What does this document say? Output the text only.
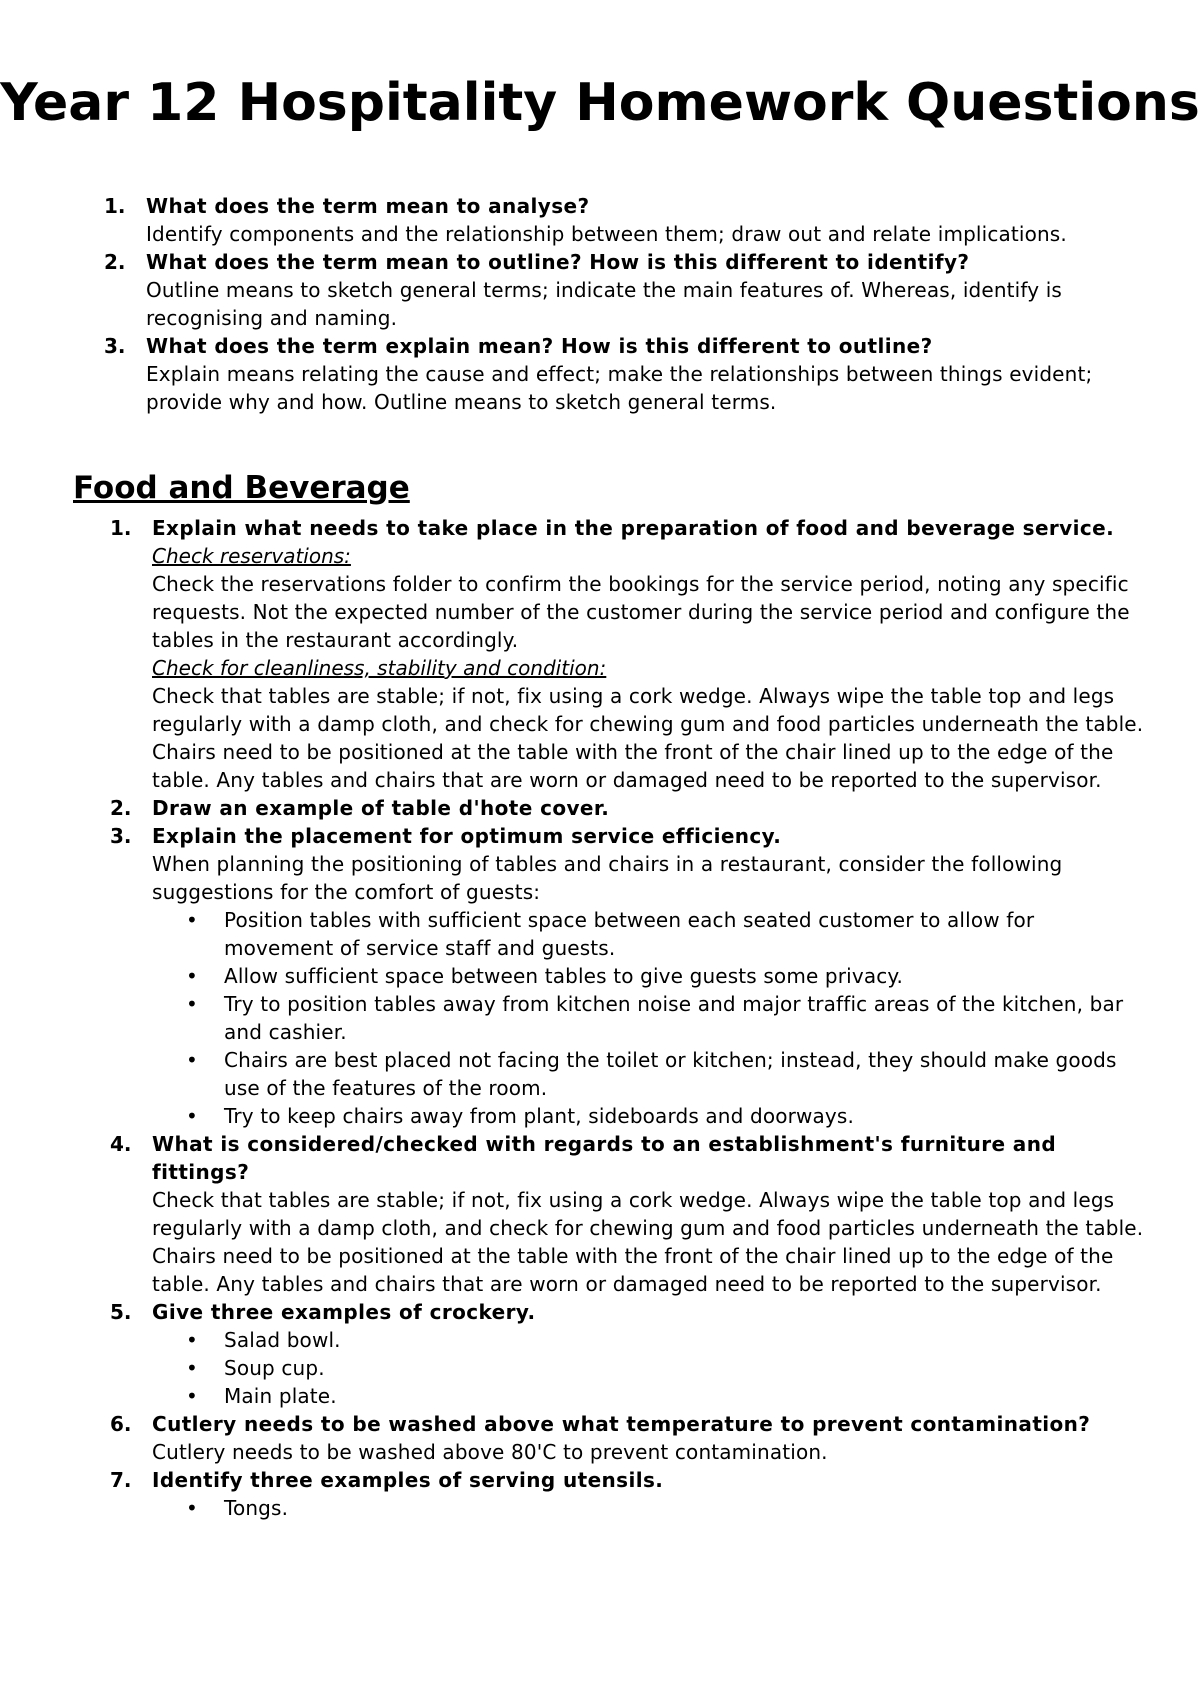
Year 12 Hospitality Homework Questions
1. What does the term mean to analyse?
Identify components and the relationship between them; draw out and relate implications.
2. What does the term mean to outline? How is this different to identify?
Outline means to sketch general terms; indicate the main features of. Whereas, identify is recognising and naming.
3. What does the term explain mean? How is this different to outline?
Explain means relating the cause and effect; make the relationships between things evident; provide why and how. Outline means to sketch general terms.
Food and Beverage
1. Explain what needs to take place in the preparation of food and beverage service.
Check reservations:
Check the reservations folder to confirm the bookings for the service period, noting any specific requests. Not the expected number of the customer during the service period and configure the tables in the restaurant accordingly.
Check for cleanliness, stability and condition:
Check that tables are stable; if not, fix using a cork wedge. Always wipe the table top and legs regularly with a damp cloth, and check for chewing gum and food particles underneath the table. Chairs need to be positioned at the table with the front of the chair lined up to the edge of the table. Any tables and chairs that are worn or damaged need to be reported to the supervisor.
2. Draw an example of table d'hote cover.
3. Explain the placement for optimum service efficiency.
When planning the positioning of tables and chairs in a restaurant, consider the following suggestions for the comfort of guests:
• Position tables with sufficient space between each seated customer to allow for movement of service staff and guests.
• Allow sufficient space between tables to give guests some privacy.
• Try to position tables away from kitchen noise and major traffic areas of the kitchen, bar and cashier.
• Chairs are best placed not facing the toilet or kitchen; instead, they should make goods use of the features of the room.
• Try to keep chairs away from plant, sideboards and doorways.
4. What is considered/checked with regards to an establishment's furniture and fittings?
Check that tables are stable; if not, fix using a cork wedge. Always wipe the table top and legs regularly with a damp cloth, and check for chewing gum and food particles underneath the table. Chairs need to be positioned at the table with the front of the chair lined up to the edge of the table. Any tables and chairs that are worn or damaged need to be reported to the supervisor.
5. Give three examples of crockery.
• Salad bowl.
• Soup cup.
• Main plate.
6. Cutlery needs to be washed above what temperature to prevent contamination?
Cutlery needs to be washed above 80'C to prevent contamination.
7. Identify three examples of serving utensils.
• Tongs.
